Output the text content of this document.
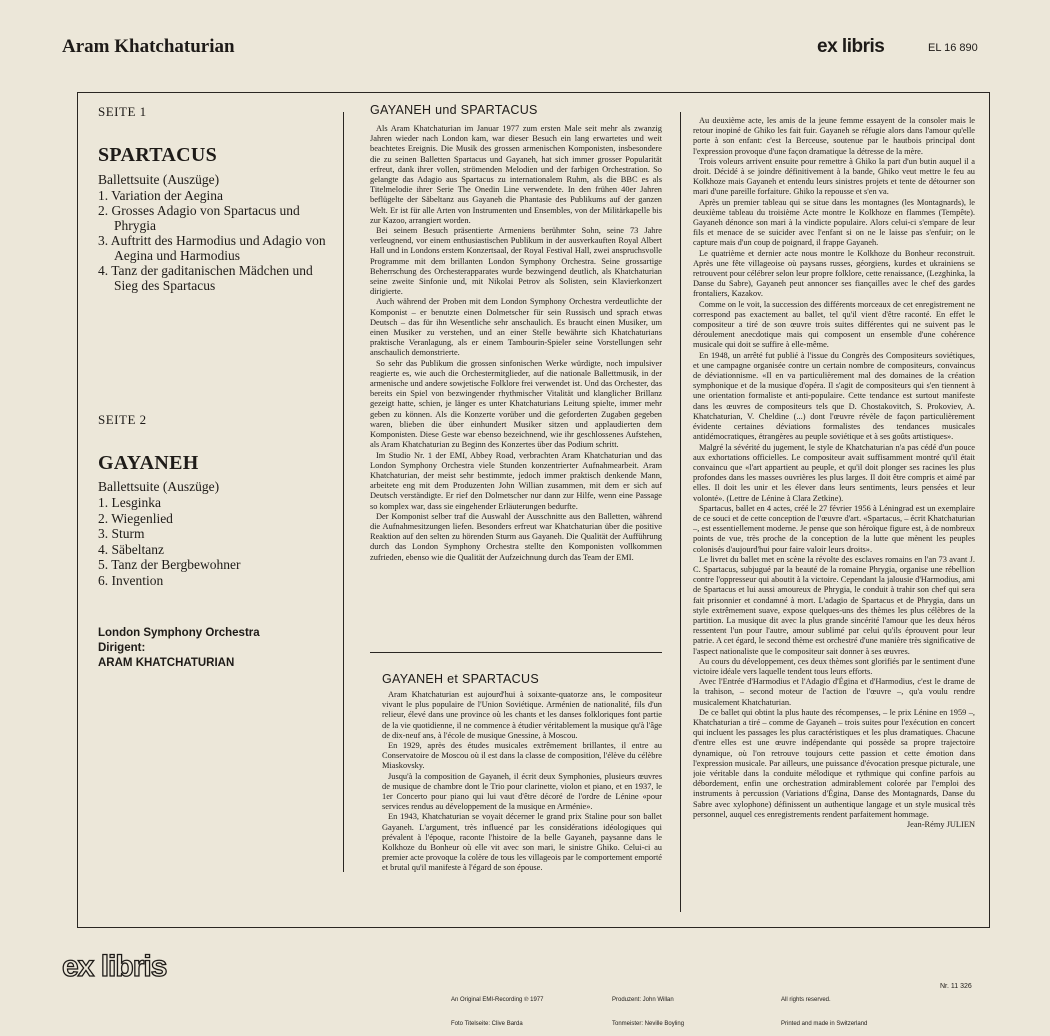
Aram Khatchaturian	ex libris	EL 16 890
SEITE 1
SPARTACUS
Ballettsuite (Auszüge)
1. Variation der Aegina
2. Grosses Adagio von Spartacus und Phrygia
3. Auftritt des Harmodius und Adagio von Aegina und Harmodius
4. Tanz der gaditanischen Mädchen und Sieg des Spartacus
SEITE 2
GAYANEH
Ballettsuite (Auszüge)
1. Lesginka
2. Wiegenlied
3. Sturm
4. Säbeltanz
5. Tanz der Bergbewohner
6. Invention
London Symphony Orchestra
Dirigent:
ARAM KHATCHATURIAN
GAYANEH und SPARTACUS

Als Aram Khatchaturian im Januar 1977 zum ersten Male seit mehr als zwanzig Jahren wieder nach London kam, war dieser Besuch ein lang erwartetes und weit beachtetes Ereignis. Die Musik des grossen armenischen Komponisten, insbesondere die zu seinen Balletten Spartacus und Gayaneh, hat sich immer grosser Popularität erfreut, dank ihrer vollen, strömenden Melodien und der farbigen Orchestration. So gelangte das Adagio aus Spartacus zu internationalem Ruhm, als die BBC es als Titelmelodie ihrer Serie The Onedin Line verwendete. In den frühen 40er Jahren beflügelte der Säbeltanz aus Gayaneh die Phantasie des Publikums auf der ganzen Welt. Er ist für alle Arten von Instrumenten und Ensembles, von der Militärkapelle bis zur Kazoo, arrangiert worden.

Bei seinem Besuch präsentierte Armeniens berühmter Sohn, seine 73 Jahre verleugnend, vor einem enthusiastischen Publikum in der ausverkauften Royal Albert Hall und in Londons erstem Konzertsaal, der Royal Festival Hall, zwei anspruchsvolle Programme mit dem brillanten London Symphony Orchestra. Seine grossartige Beherrschung des Orchesterapparates wurde bezwingend deutlich, als Khatchaturian seine zweite Sinfonie und, mit Nikolai Petrov als Solisten, sein Klavierkonzert dirigierte.

Auch während der Proben mit dem London Symphony Orchestra verdeutlichte der Komponist – er benutzte einen Dolmetscher für sein Russisch und sprach etwas Deutsch – das für ihn Wesentliche sehr anschaulich. Es braucht einen Musiker, um einen Musiker zu verstehen, und an einer Stelle bewährte sich Khatchaturians praktische Veranlagung, als er einem Tambourin-Spieler seine Vorstellungen sehr anschaulich demonstrierte.

So sehr das Publikum die grossen sinfonischen Werke würdigte, noch impulsiver reagierte es, wie auch die Orchestermitglieder, auf die nationale Ballettmusik, in der armenische und andere sowjetische Folklore frei verwendet ist. Und das Orchester, das bereits ein Spiel von bezwingender rhythmischer Vitalität und klanglicher Brillanz gezeigt hatte, schien, je länger es unter Khatchaturians Leitung spielte, immer mehr geben zu können. Als die Konzerte vorüber und die geforderten Zugaben gegeben waren, blieben die über einhundert Musiker sitzen und applaudierten dem Komponisten. Diese Geste war ebenso bezeichnend, wie ihr geschlossenes Aufstehen, als Aram Khatchaturian zu Beginn des Konzertes über das Podium schritt.

Im Studio Nr. 1 der EMI, Abbey Road, verbrachten Aram Khatchaturian und das London Symphony Orchestra viele Stunden konzentrierter Aufnahmearbeit. Aram Khatchaturian, der meist sehr bestimmte, jedoch immer praktisch denkende Mann, arbeitete eng mit dem Produzenten John Willian zusammen, mit dem er sich auf Deutsch verständigte. Er rief den Dolmetscher nur dann zur Hilfe, wenn eine Passage so komplex war, dass sie eingehender Erläuterungen bedurfte.

Der Komponist selber traf die Auswahl der Ausschnitte aus den Balletten, während die Aufnahmesitzungen liefen. Besonders erfreut war Khatchaturian über die positive Reaktion auf den selten zu hörenden Sturm aus Gayaneh. Die Qualität der Aufführung durch das London Symphony Orchestra stellte den Komponisten vollkommen zufrieden, ebenso wie die Qualität der Aufzeichnung durch das Team der EMI.

GAYANEH et SPARTACUS

Aram Khatchaturian est aujourd'hui à soixante-quatorze ans, le compositeur vivant le plus populaire de l'Union Soviétique. Arménien de nationalité, fils d'un relieur, élevé dans une province où les chants et les danses folkloriques font partie de la vie quotidienne, il ne commence à étudier véritablement la musique qu'à l'âge de dix-neuf ans, à l'école de musique Gnessine, à Moscou.

En 1929, après des études musicales extrêmement brillantes, il entre au Conservatoire de Moscou où il est dans la classe de composition, l'élève du célèbre Miaskovsky.

Jusqu'à la composition de Gayaneh, il écrit deux Symphonies, plusieurs œuvres de musique de chambre dont le Trio pour clarinette, violon et piano, et en 1937, le 1er Concerto pour piano qui lui vaut d'être décoré de l'ordre de Lénine «pour services rendus au développement de la musique en Arménie».

En 1943, Khatchaturian se voyait décerner le grand prix Staline pour son ballet Gayaneh. L'argument, très influencé par les considérations idéologiques qui prévalent à l'époque, raconte l'histoire de la belle Gayaneh, paysanne dans le Kolkhoze du Bonheur où elle vit avec son mari, le sinistre Ghiko. Celui-ci au premier acte provoque la colère de tous les villageois par le comportement emporté et brutal qu'il manifeste à l'égard de son épouse.

Au deuxième acte, les amis de la jeune femme essayent de la consoler mais le retour inopiné de Ghiko les fait fuir. Gayaneh se réfugie alors dans l'amour qu'elle porte à son enfant: c'est la Berceuse, soutenue par le hautbois principal dont l'expression provoque d'une façon dramatique la détresse de la mère.

Trois voleurs arrivent ensuite pour remettre à Ghiko la part d'un butin auquel il a droit. Décidé à se joindre définitivement à la bande, Ghiko veut mettre le feu au Kolkhoze mais Gayaneh et entendu leurs sinistres projets et tente de détourner son mari d'une pareille forfaiture. Ghiko la repousse et s'en va.

Après un premier tableau qui se situe dans les montagnes (les Montagnards), le deuxième tableau du troisième Acte montre le Kolkhoze en flammes (Tempête). Gayaneh dénonce son mari à la vindicte populaire. Alors celui-ci s'empare de leur fils et menace de se suicider avec l'enfant si on ne le laisse pas s'enfuir; on le capture mais d'un coup de poignard, il frappe Gayaneh.

Le quatrième et dernier acte nous montre le Kolkhoze du Bonheur reconstruit. Après une fête villageoise où paysans russes, géorgiens, kurdes et ukrainiens se retrouvent pour célébrer selon leur propre folklore, cette renaissance, (Lezghinka, la Danse du Sabre), Gayaneh peut annoncer ses fiançailles avec le chef des gardes frontaliers, Kazakov.

Comme on le voit, la succession des différents morceaux de cet enregistrement ne correspond pas exactement au ballet, tel qu'il vient d'être raconté. En effet le compositeur a tiré de son œuvre trois suites différentes qui ne suivent pas le déroulement anecdotique mais qui composent un ensemble d'une cohérence musicale qui doit se suffire à elle-même.

En 1948, un arrêté fut publié à l'issue du Congrès des Compositeurs soviétiques, et une campagne organisée contre un certain nombre de compositeurs, convaincus de déviationnisme. «Il en va particulièrement mal des domaines de la création symphonique et de la musique d'opéra. Il s'agit de compositeurs qui s'en tiennent à une orientation formaliste et anti-populaire. Cette tendance est surtout manifeste dans les œuvres de compositeurs tels que D. Chostakovitch, S. Prokoviev, A. Khatchaturian, V. Cheldine (...) dont l'œuvre révèle de façon particulièrement évidente certaines déviations formalistes des tendances musicales antidémocratiques, étrangères au peuple soviétique et à ses goûts artistiques».

Malgré la sévérité du jugement, le style de Khatchaturian n'a pas cédé d'un pouce aux exhortations officielles. Le compositeur avait suffisamment montré qu'il était convaincu que «l'art appartient au peuple, et qu'il doit plonger ses racines les plus profondes dans les masses ouvrières les plus larges. Il doit être compris et aimé par elles. Il doit les unir et les élever dans leurs sentiments, leurs pensées et leur volonté». (Lettre de Lénine à Clara Zetkine).

Spartacus, ballet en 4 actes, créé le 27 février 1956 à Léningrad est un exemplaire de ce souci et de cette conception de l'œuvre d'art. «Spartacus, – écrit Khatchaturian –, est essentiellement moderne. Je pense que son héroïque figure est, à de nombreux points de vue, très proche de la conception de la lutte que mènent les peuples colonisés d'aujourd'hui pour faire valoir leurs droits».

Le livret du ballet met en scène la révolte des esclaves romains en l'an 73 avant J. C. Spartacus, subjugué par la beauté de la romaine Phrygia, organise une rébellion contre l'oppresseur qui aboutit à la victoire. Cependant la jalousie d'Harmodius, ami de Spartacus et lui aussi amoureux de Phrygia, le conduit à trahir son chef qui sera fait prisonnier et condamné à mort. L'adagio de Spartacus et de Phrygia, dans un style extrêmement suave, expose quelques-uns des thèmes les plus célèbres de la partition. La musique dit avec la plus grande sincérité l'amour que les deux héros ressentent l'un pour l'autre, amour sublimé par celui qu'ils éprouvent pour leur patrie. A cet égard, le second thème est orchestré d'une manière très significative de l'aspect nationaliste que le compositeur sait donner à ses œuvres.

Au cours du développement, ces deux thèmes sont glorifiés par le sentiment d'une victoire idéale vers laquelle tendent tous leurs efforts.

Avec l'Entrée d'Harmodius et l'Adagio d'Égina et d'Harmodius, c'est le drame de la trahison, – second moteur de l'action de l'œuvre –, qu'a voulu rendre musicalement Khatchaturian.

De ce ballet qui obtint la plus haute des récompenses, – le prix Lénine en 1959 –, Khatchaturian a tiré – comme de Gayaneh – trois suites pour l'exécution en concert qui incluent les passages les plus caractéristiques et les plus dramatiques. Chacune d'entre elles est une œuvre indépendante qui possède sa propre trajectoire dynamique, où l'on retrouve toujours cette passion et cette émotion dans l'expression musicale. Par ailleurs, une puissance d'évocation presque picturale, une joie véritable dans la conduite mélodique et rythmique qui confine parfois au débordement, enfin une orchestration admirablement colorée par l'emploi des instruments à percussion (Variations d'Égina, Danse des Montagnards, Danse du Sabre avec xylophone) définissent un authentique langage et un style musical très personnel, auquel ces enregistrements rendent parfaitement hommage.

Jean-Rémy JULIEN

ex libris

An Original EMI-Recording ℗ 1977

Foto Titelseite: Clive Barda

Produzent: John Willan

Tonmeister: Neville Boyling

All rights reserved.

Printed and made in Switzerland

Nr. 11 326
